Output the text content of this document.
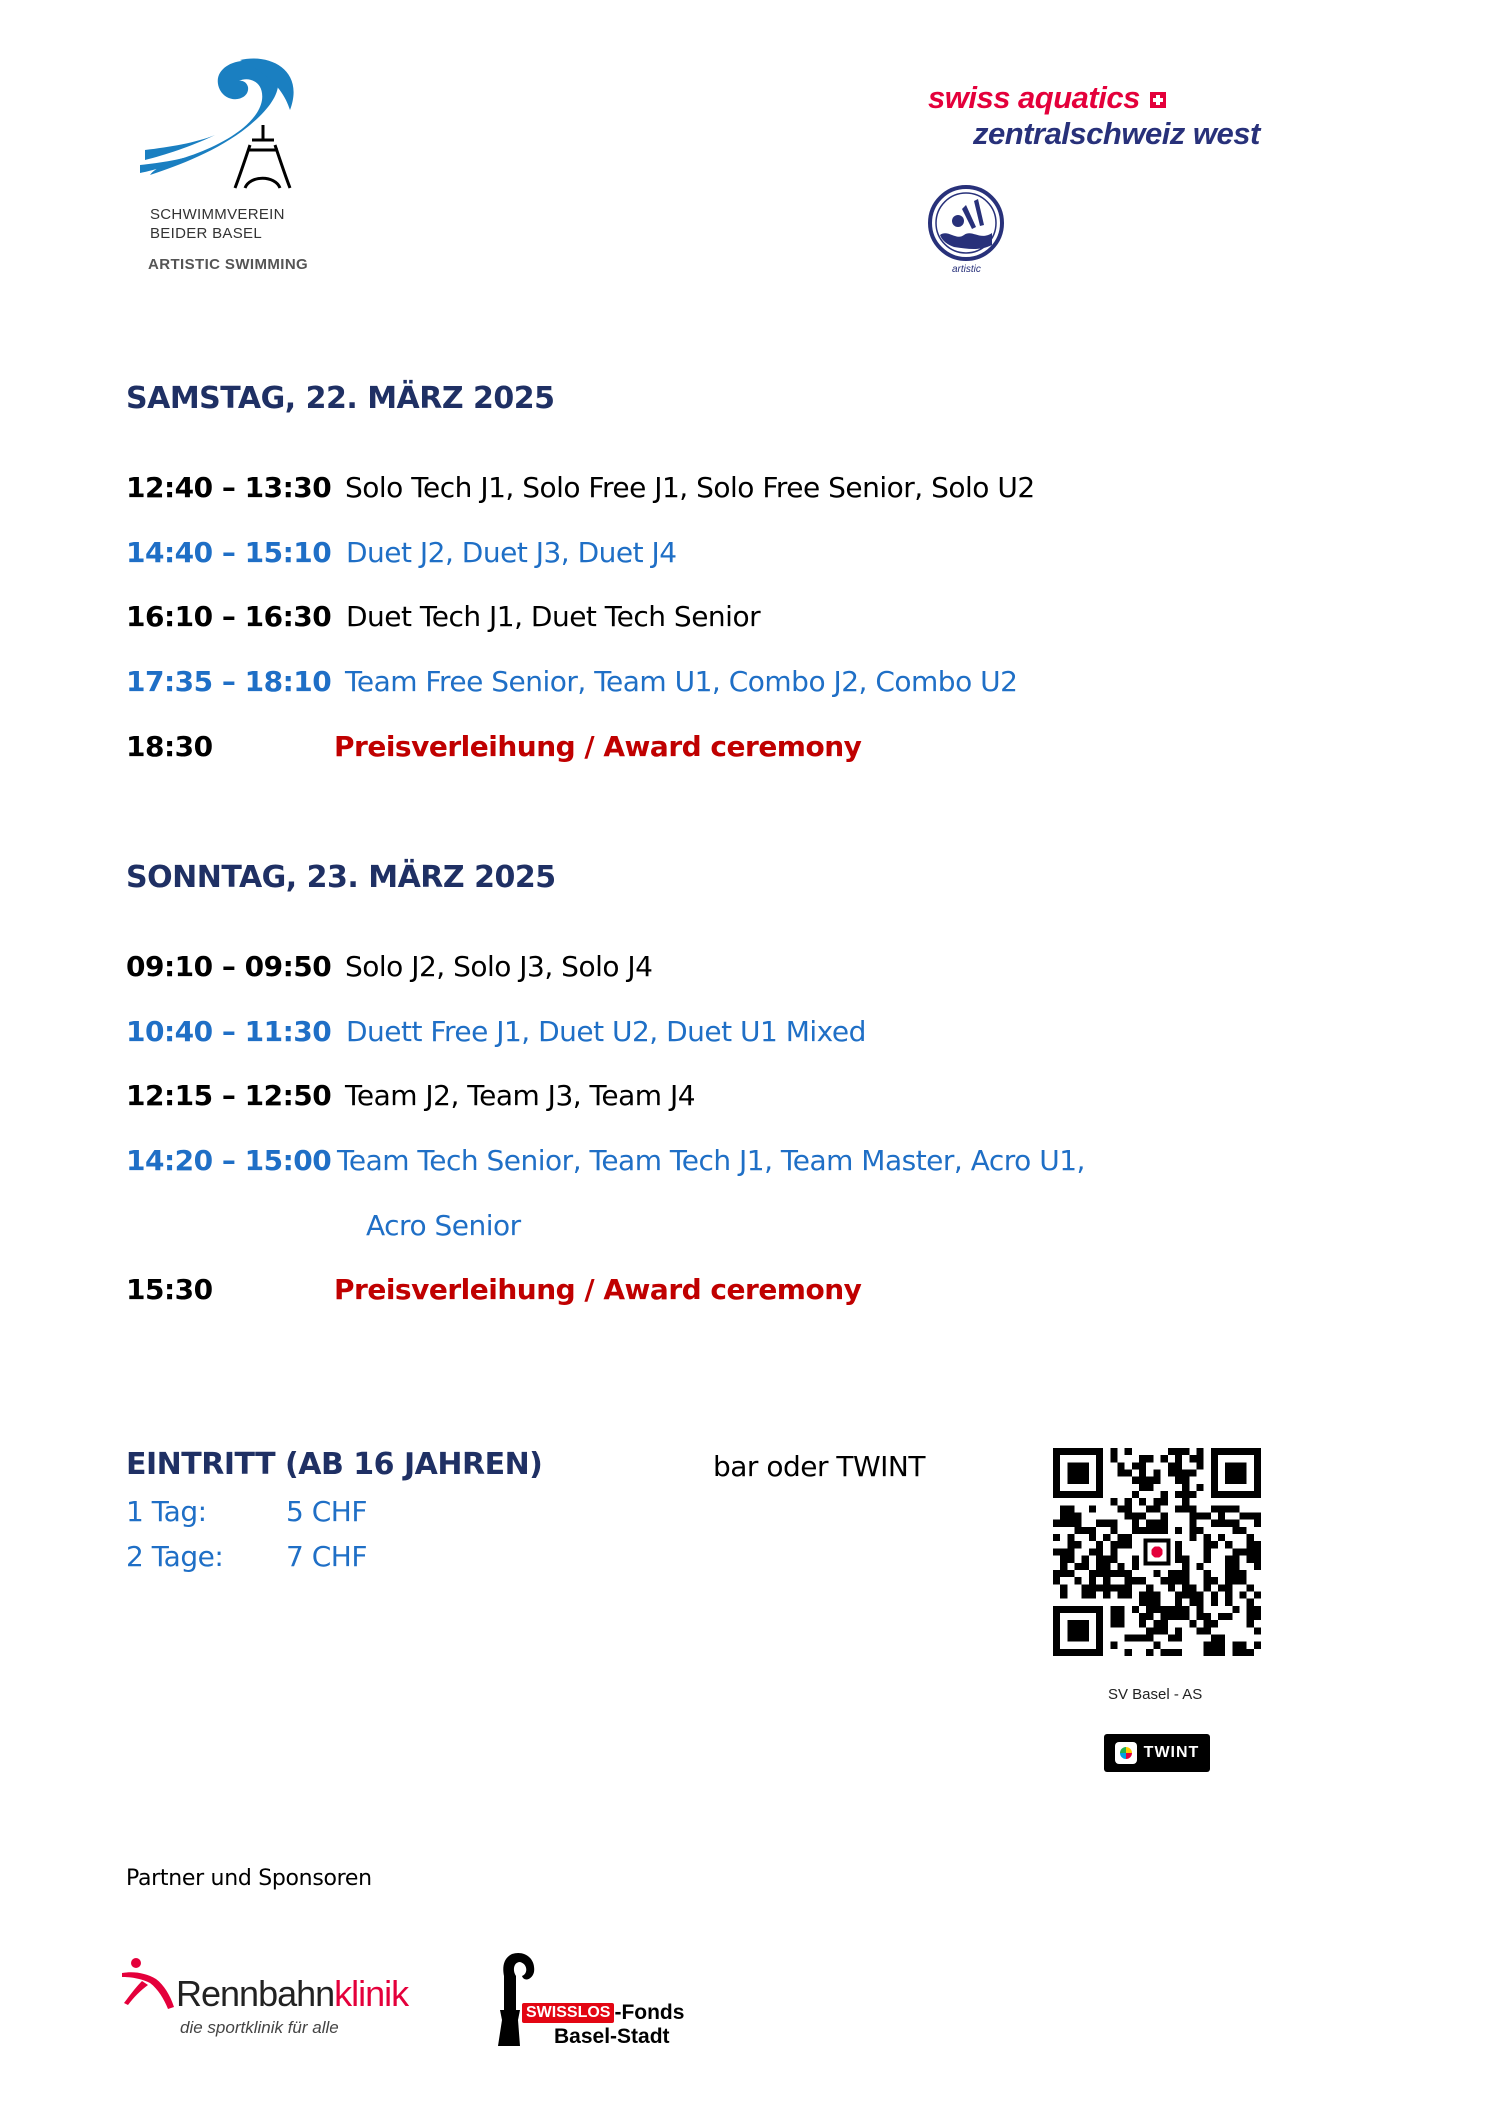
SCHWIMMVEREIN
BEIDER BASEL
ARTISTIC SWIMMING
swiss aquatics
zentralschweiz west
artistic
SAMSTAG, 22. MÄRZ 2025
12:40 – 13:30 Solo Tech J1, Solo Free J1, Solo Free Senior, Solo U2
14:40 – 15:10 Duet J2, Duet J3, Duet J4
16:10 – 16:30 Duet Tech J1, Duet Tech Senior
17:35 – 18:10 Team Free Senior, Team U1, Combo J2, Combo U2
18:30	Preisverleihung / Award ceremony
SONNTAG, 23. MÄRZ 2025
09:10 – 09:50 Solo J2, Solo J3, Solo J4
10:40 – 11:30 Duett Free J1, Duet U2, Duet U1 Mixed
12:15 – 12:50 Team J2, Team J3, Team J4
14:20 – 15:00 Team Tech Senior, Team Tech J1, Team Master, Acro U1,
Acro Senior
15:30	Preisverleihung / Award ceremony
EINTRITT (AB 16 JAHREN)	bar oder TWINT
1 Tag:	5 CHF
2 Tage: 7 CHF
SV Basel - AS
TWINT
Partner und Sponsoren
Rennbahnklinik
die sportklinik für alle
SWISSLOS -Fonds
Basel-Stadt
